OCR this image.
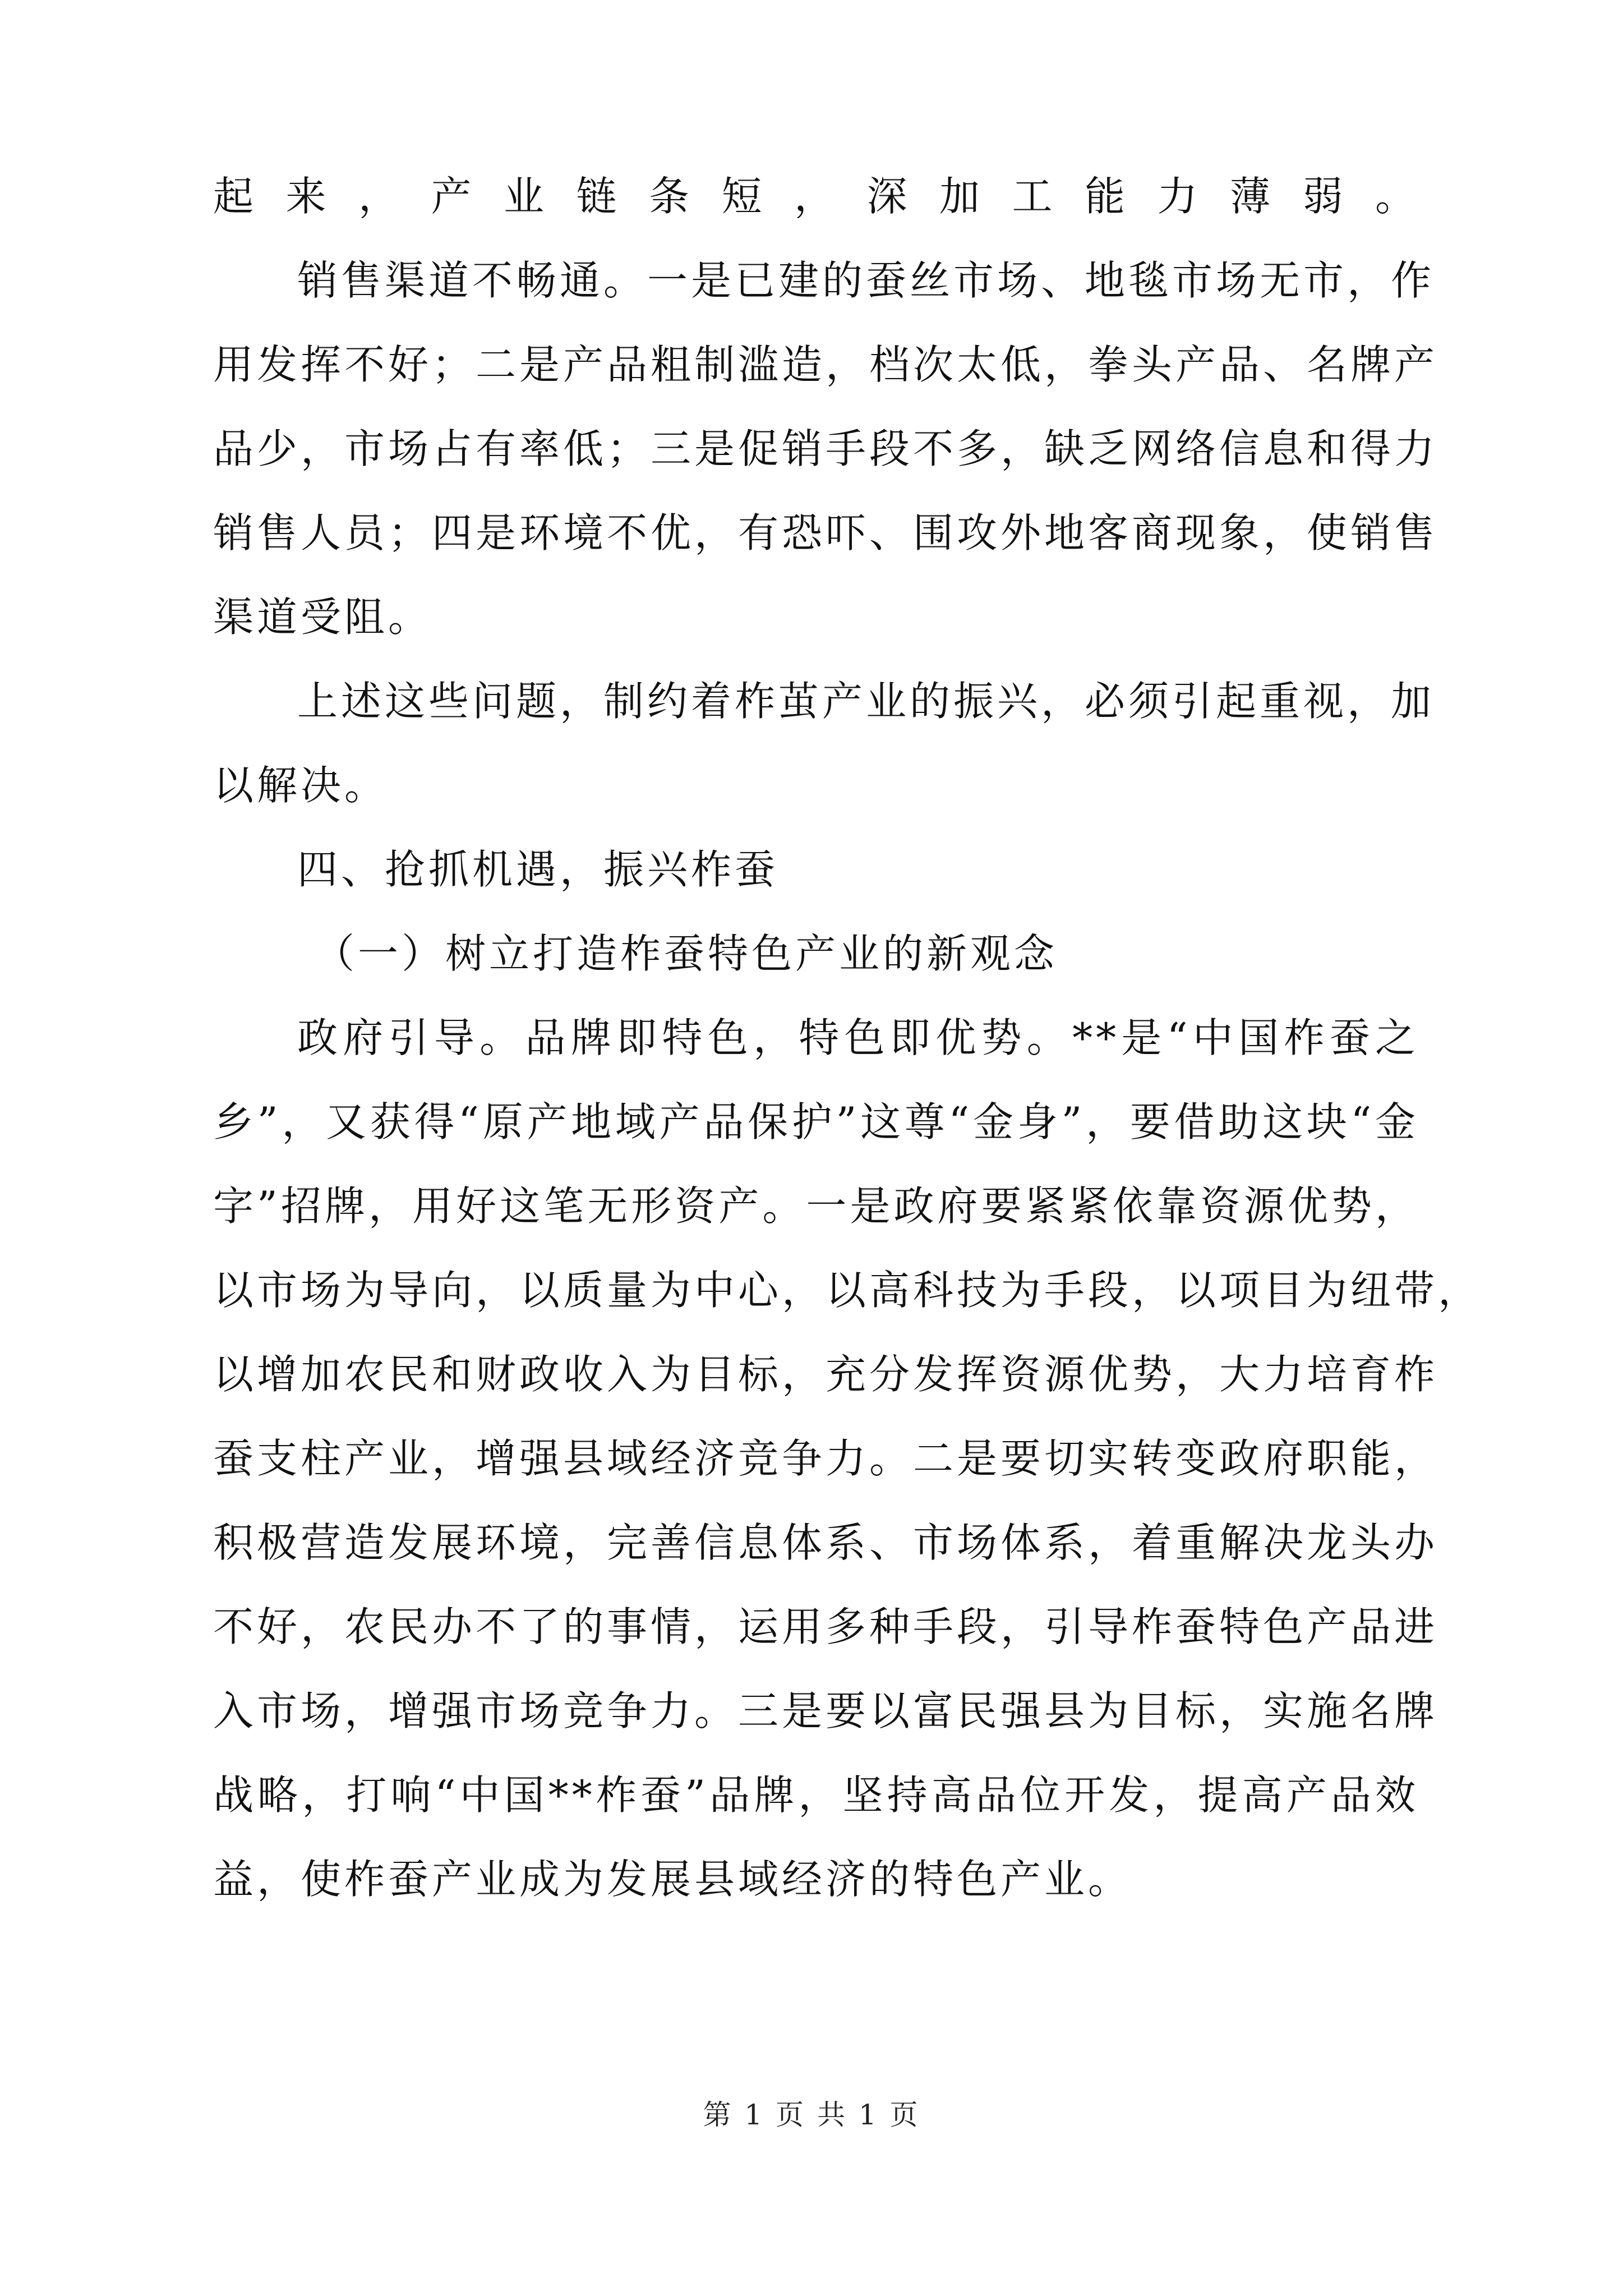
起来，产业链条短，深加工能力薄弱。
销售渠道不畅通。一是已建的蚕丝市场、地毯市场无市，作
用发挥不好；二是产品粗制滥造，档次太低，拳头产品、名牌产
品少，市场占有率低；三是促销手段不多，缺乏网络信息和得力
销售人员；四是环境不优，有恐吓、围攻外地客商现象，使销售
渠道受阻。
上述这些问题，制约着柞茧产业的振兴，必须引起重视，加
以解决。
四、抢抓机遇，振兴柞蚕
（一）树立打造柞蚕特色产业的新观念
政府引导。品牌即特色，特色即优势。**是“中国柞蚕之
乡”，又获得“原产地域产品保护”这尊“金身”，要借助这块“金
字”招牌，用好这笔无形资产。一是政府要紧紧依靠资源优势，
以市场为导向，以质量为中心，以高科技为手段，以项目为纽带，
以增加农民和财政收入为目标，充分发挥资源优势，大力培育柞
蚕支柱产业，增强县域经济竞争力。二是要切实转变政府职能，
积极营造发展环境，完善信息体系、市场体系，着重解决龙头办
不好，农民办不了的事情，运用多种手段，引导柞蚕特色产品进
入市场，增强市场竞争力。三是要以富民强县为目标，实施名牌
战略，打响“中国**柞蚕”品牌，坚持高品位开发，提高产品效
益，使柞蚕产业成为发展县域经济的特色产业。
第 1 页 共 1 页
